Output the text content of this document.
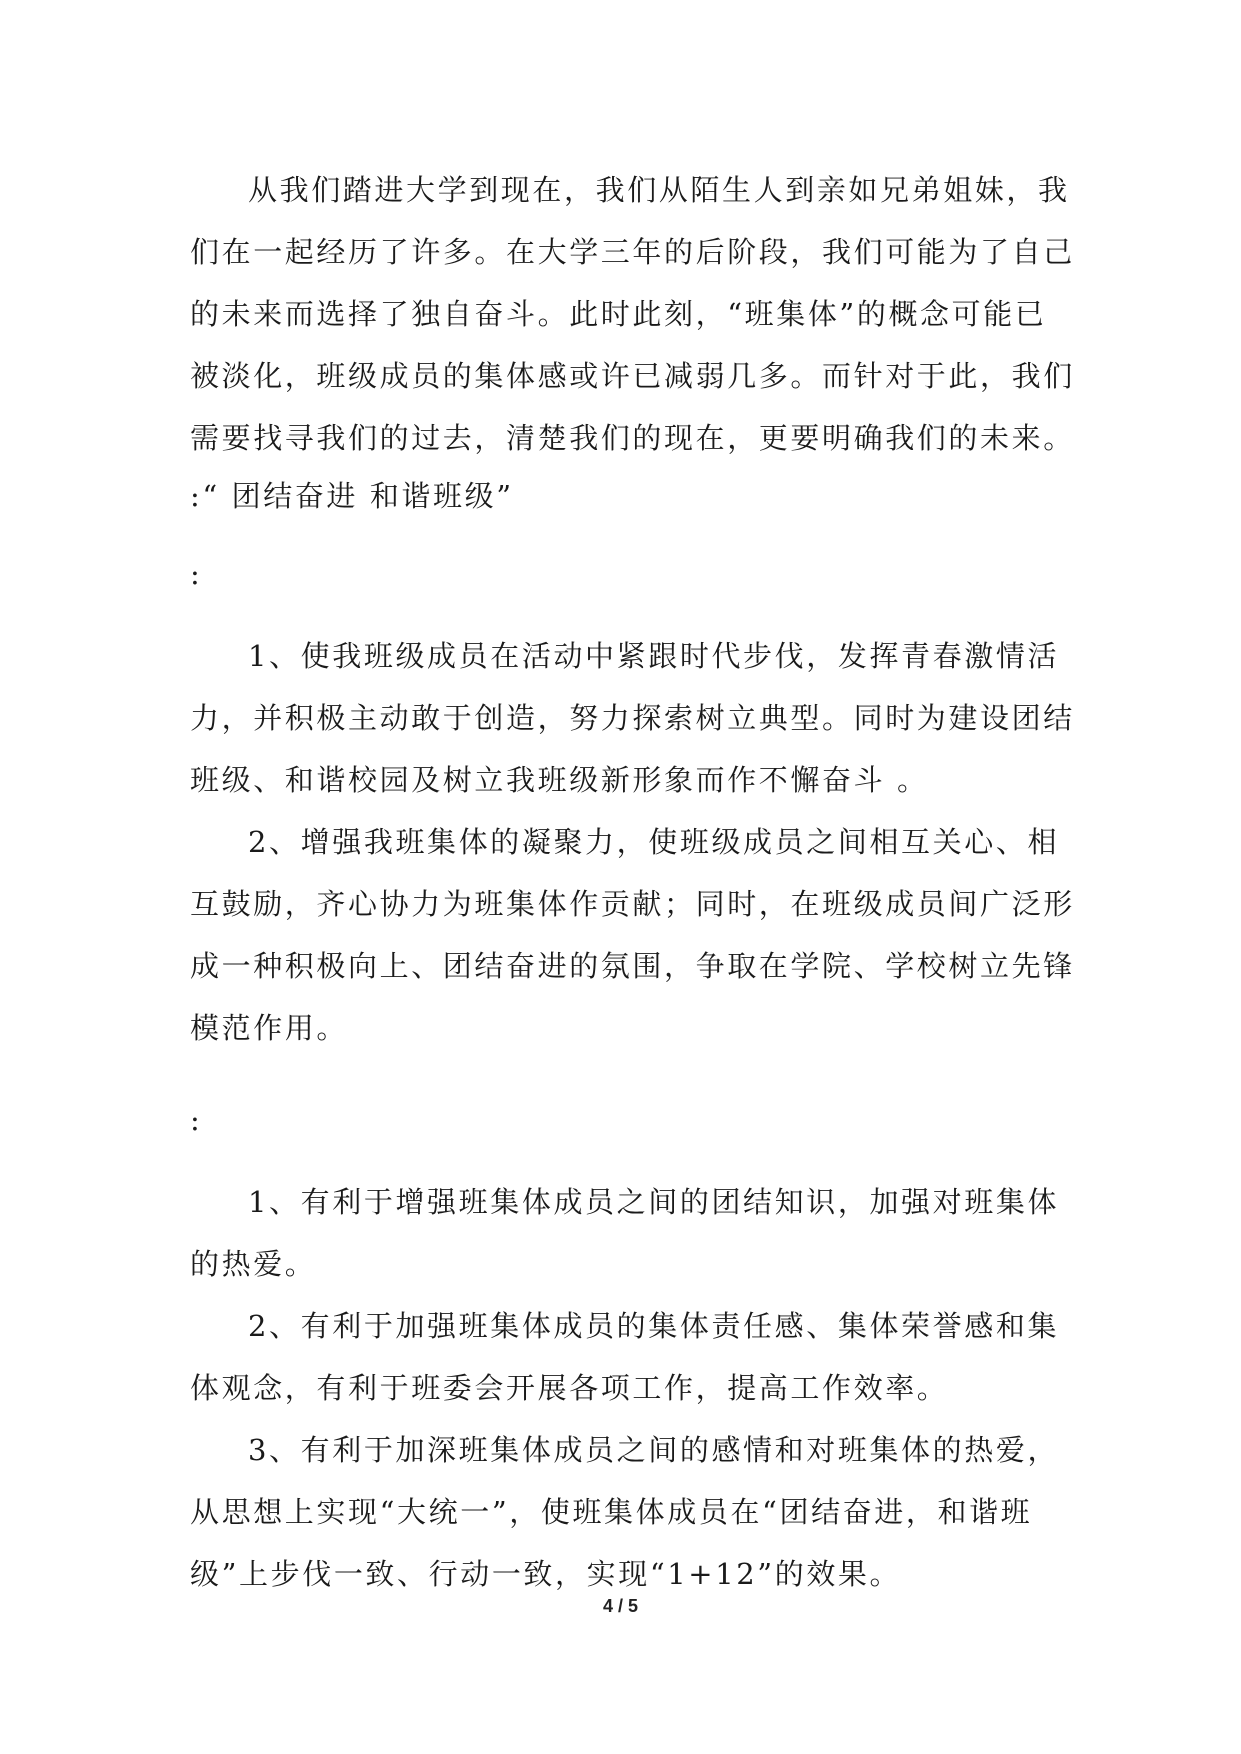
从我们踏进大学到现在，我们从陌生人到亲如兄弟姐妹，我
们在一起经历了许多。在大学三年的后阶段，我们可能为了自己
的未来而选择了独自奋斗。此时此刻，“班集体”的概念可能已
被淡化，班级成员的集体感或许已减弱几多。而针对于此，我们
需要找寻我们的过去，清楚我们的现在，更要明确我们的未来。
:“ 团结奋进 和谐班级”
:
1、使我班级成员在活动中紧跟时代步伐，发挥青春激情活
力，并积极主动敢于创造，努力探索树立典型。同时为建设团结
班级、和谐校园及树立我班级新形象而作不懈奋斗 。
2、增强我班集体的凝聚力，使班级成员之间相互关心、相
互鼓励，齐心协力为班集体作贡献；同时，在班级成员间广泛形
成一种积极向上、团结奋进的氛围，争取在学院、学校树立先锋
模范作用。
:
1、有利于增强班集体成员之间的团结知识，加强对班集体
的热爱。
2、有利于加强班集体成员的集体责任感、集体荣誉感和集
体观念，有利于班委会开展各项工作，提高工作效率。
3、有利于加深班集体成员之间的感情和对班集体的热爱，
从思想上实现“大统一”，使班集体成员在“团结奋进，和谐班
级”上步伐一致、行动一致，实现“1+12”的效果。
4 / 5
